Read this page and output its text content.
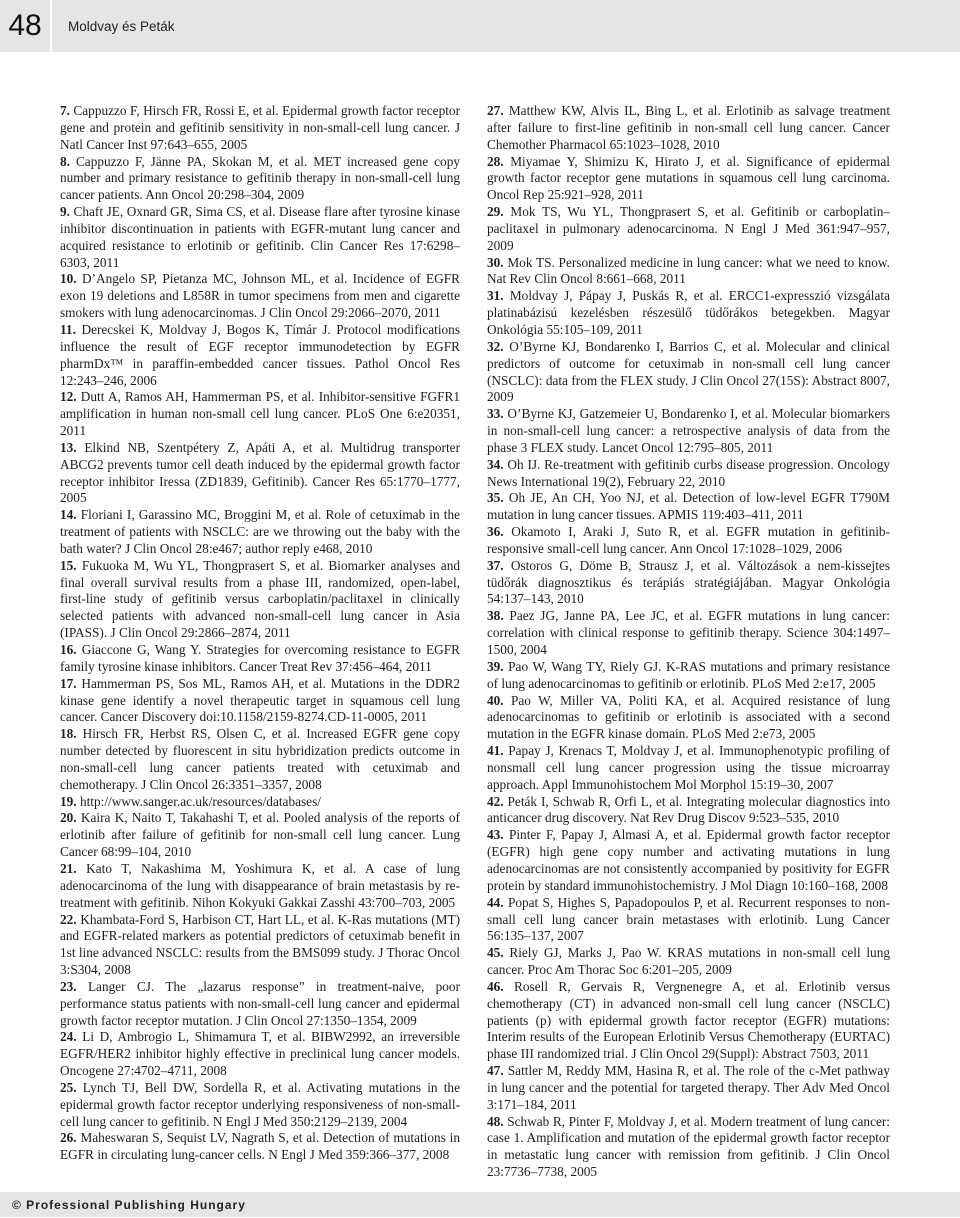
48	Moldvay és Peták

7. Cappuzzo F, Hirsch FR, Rossi E, et al. Epidermal growth factor receptor gene and protein and gefitinib sensitivity in non-small-cell lung cancer. J Natl Cancer Inst 97:643–655, 2005

8. Cappuzzo F, Jänne PA, Skokan M, et al. MET increased gene copy number and primary resistance to gefitinib therapy in non-small-cell lung cancer patients. Ann Oncol 20:298–304, 2009

9. Chaft JE, Oxnard GR, Sima CS, et al. Disease flare after tyrosine kinase inhibitor discontinuation in patients with EGFR-mutant lung cancer and acquired resistance to erlotinib or gefitinib. Clin Cancer Res 17:6298–6303, 2011

10. D’Angelo SP, Pietanza MC, Johnson ML, et al. Incidence of EGFR exon 19 deletions and L858R in tumor specimens from men and cigarette smokers with lung adenocarcinomas. J Clin Oncol 29:2066–2070, 2011

11. Derecskei K, Moldvay J, Bogos K, Tímár J. Protocol modifications influence the result of EGF receptor immunodetection by EGFR pharmDx™ in paraffin-embedded cancer tissues. Pathol Oncol Res 12:243–246, 2006

12. Dutt A, Ramos AH, Hammerman PS, et al. Inhibitor-sensitive FGFR1 amplification in human non-small cell lung cancer. PLoS One 6:e20351, 2011

13. Elkind NB, Szentpétery Z, Apáti A, et al. Multidrug transporter ABCG2 prevents tumor cell death induced by the epidermal growth factor receptor inhibitor Iressa (ZD1839, Gefitinib). Cancer Res 65:1770–1777, 2005

14. Floriani I, Garassino MC, Broggini M, et al. Role of cetuximab in the treatment of patients with NSCLC: are we throwing out the baby with the bath water? J Clin Oncol 28:e467; author reply e468, 2010

15. Fukuoka M, Wu YL, Thongprasert S, et al. Biomarker analyses and final overall survival results from a phase III, randomized, open-label, first-line study of gefitinib versus carboplatin/paclitaxel in clinically selected patients with advanced non-small-cell lung cancer in Asia (IPASS). J Clin Oncol 29:2866–2874, 2011

16. Giaccone G, Wang Y. Strategies for overcoming resistance to EGFR family tyrosine kinase inhibitors. Cancer Treat Rev 37:456–464, 2011

17. Hammerman PS, Sos ML, Ramos AH, et al. Mutations in the DDR2 kinase gene identify a novel therapeutic target in squamous cell lung cancer. Cancer Discovery doi:10.1158/2159-8274.CD-11-0005, 2011

18. Hirsch FR, Herbst RS, Olsen C, et al. Increased EGFR gene copy number detected by fluorescent in situ hybridization predicts outcome in non-small-cell lung cancer patients treated with cetuximab and chemotherapy. J Clin Oncol 26:3351–3357, 2008

19. http://www.sanger.ac.uk/resources/databases/

20. Kaira K, Naito T, Takahashi T, et al. Pooled analysis of the reports of erlotinib after failure of gefitinib for non-small cell lung cancer. Lung Cancer 68:99–104, 2010

21. Kato T, Nakashima M, Yoshimura K, et al. A case of lung adenocarcinoma of the lung with disappearance of brain metastasis by re-treatment with gefitinib. Nihon Kokyuki Gakkai Zasshi 43:700–703, 2005

22. Khambata-Ford S, Harbison CT, Hart LL, et al. K-Ras mutations (MT) and EGFR-related markers as potential predictors of cetuximab benefit in 1st line advanced NSCLC: results from the BMS099 study. J Thorac Oncol 3:S304, 2008

23. Langer CJ. The „lazarus response” in treatment-naive, poor performance status patients with non-small-cell lung cancer and epidermal growth factor receptor mutation. J Clin Oncol 27:1350–1354, 2009

24. Li D, Ambrogio L, Shimamura T, et al. BIBW2992, an irreversible EGFR/HER2 inhibitor highly effective in preclinical lung cancer models. Oncogene 27:4702–4711, 2008

25. Lynch TJ, Bell DW, Sordella R, et al. Activating mutations in the epidermal growth factor receptor underlying responsiveness of non-small-cell lung cancer to gefitinib. N Engl J Med 350:2129–2139, 2004

26. Maheswaran S, Sequist LV, Nagrath S, et al. Detection of mutations in EGFR in circulating lung-cancer cells. N Engl J Med 359:366–377, 2008

27. Matthew KW, Alvis IL, Bing L, et al. Erlotinib as salvage treatment after failure to first-line gefitinib in non-small cell lung cancer. Cancer Chemother Pharmacol 65:1023–1028, 2010

28. Miyamae Y, Shimizu K, Hirato J, et al. Significance of epidermal growth factor receptor gene mutations in squamous cell lung carcinoma. Oncol Rep 25:921–928, 2011

29. Mok TS, Wu YL, Thongprasert S, et al. Gefitinib or carboplatin–paclitaxel in pulmonary adenocarcinoma. N Engl J Med 361:947–957, 2009

30. Mok TS. Personalized medicine in lung cancer: what we need to know. Nat Rev Clin Oncol 8:661–668, 2011

31. Moldvay J, Pápay J, Puskás R, et al. ERCC1-expresszió vizsgálata platinabázisú kezelésben részesülő tüdőrákos betegekben. Magyar Onkológia 55:105–109, 2011

32. O’Byrne KJ, Bondarenko I, Barrios C, et al. Molecular and clinical predictors of outcome for cetuximab in non-small cell lung cancer (NSCLC): data from the FLEX study. J Clin Oncol 27(15S): Abstract 8007, 2009

33. O’Byrne KJ, Gatzemeier U, Bondarenko I, et al. Molecular biomarkers in non-small-cell lung cancer: a retrospective analysis of data from the phase 3 FLEX study. Lancet Oncol 12:795–805, 2011

34. Oh IJ. Re-treatment with gefitinib curbs disease progression. Oncology News International 19(2), February 22, 2010

35. Oh JE, An CH, Yoo NJ, et al. Detection of low-level EGFR T790M mutation in lung cancer tissues. APMIS 119:403–411, 2011

36. Okamoto I, Araki J, Suto R, et al. EGFR mutation in gefitinib-responsive small-cell lung cancer. Ann Oncol 17:1028–1029, 2006

37. Ostoros G, Döme B, Strausz J, et al. Változások a nem-kissejtes tüdőrák diagnosztikus és terápiás stratégiájában. Magyar Onkológia 54:137–143, 2010

38. Paez JG, Janne PA, Lee JC, et al. EGFR mutations in lung cancer: correlation with clinical response to gefitinib therapy. Science 304:1497–1500, 2004

39. Pao W, Wang TY, Riely GJ. K-RAS mutations and primary resistance of lung adenocarcinomas to gefitinib or erlotinib. PLoS Med 2:e17, 2005

40. Pao W, Miller VA, Politi KA, et al. Acquired resistance of lung adenocarcinomas to gefitinib or erlotinib is associated with a second mutation in the EGFR kinase domain. PLoS Med 2:e73, 2005

41. Papay J, Krenacs T, Moldvay J, et al. Immunophenotypic profiling of nonsmall cell lung cancer progression using the tissue microarray approach. Appl Immunohistochem Mol Morphol 15:19–30, 2007

42. Peták I, Schwab R, Orfi L, et al. Integrating molecular diagnostics into anticancer drug discovery. Nat Rev Drug Discov 9:523–535, 2010

43. Pinter F, Papay J, Almasi A, et al. Epidermal growth factor receptor (EGFR) high gene copy number and activating mutations in lung adenocarcinomas are not consistently accompanied by positivity for EGFR protein by standard immunohistochemistry. J Mol Diagn 10:160–168, 2008

44. Popat S, Highes S, Papadopoulos P, et al. Recurrent responses to non-small cell lung cancer brain metastases with erlotinib. Lung Cancer 56:135–137, 2007

45. Riely GJ, Marks J, Pao W. KRAS mutations in non-small cell lung cancer. Proc Am Thorac Soc 6:201–205, 2009

46. Rosell R, Gervais R, Vergnenegre A, et al. Erlotinib versus chemotherapy (CT) in advanced non-small cell lung cancer (NSCLC) patients (p) with epidermal growth factor receptor (EGFR) mutations: Interim results of the European Erlotinib Versus Chemotherapy (EURTAC) phase III randomized trial. J Clin Oncol 29(Suppl): Abstract 7503, 2011

47. Sattler M, Reddy MM, Hasina R, et al. The role of the c-Met pathway in lung cancer and the potential for targeted therapy. Ther Adv Med Oncol 3:171–184, 2011

48. Schwab R, Pinter F, Moldvay J, et al. Modern treatment of lung cancer: case 1. Amplification and mutation of the epidermal growth factor receptor in metastatic lung cancer with remission from gefitinib. J Clin Oncol 23:7736–7738, 2005

© Professional Publishing Hungary
